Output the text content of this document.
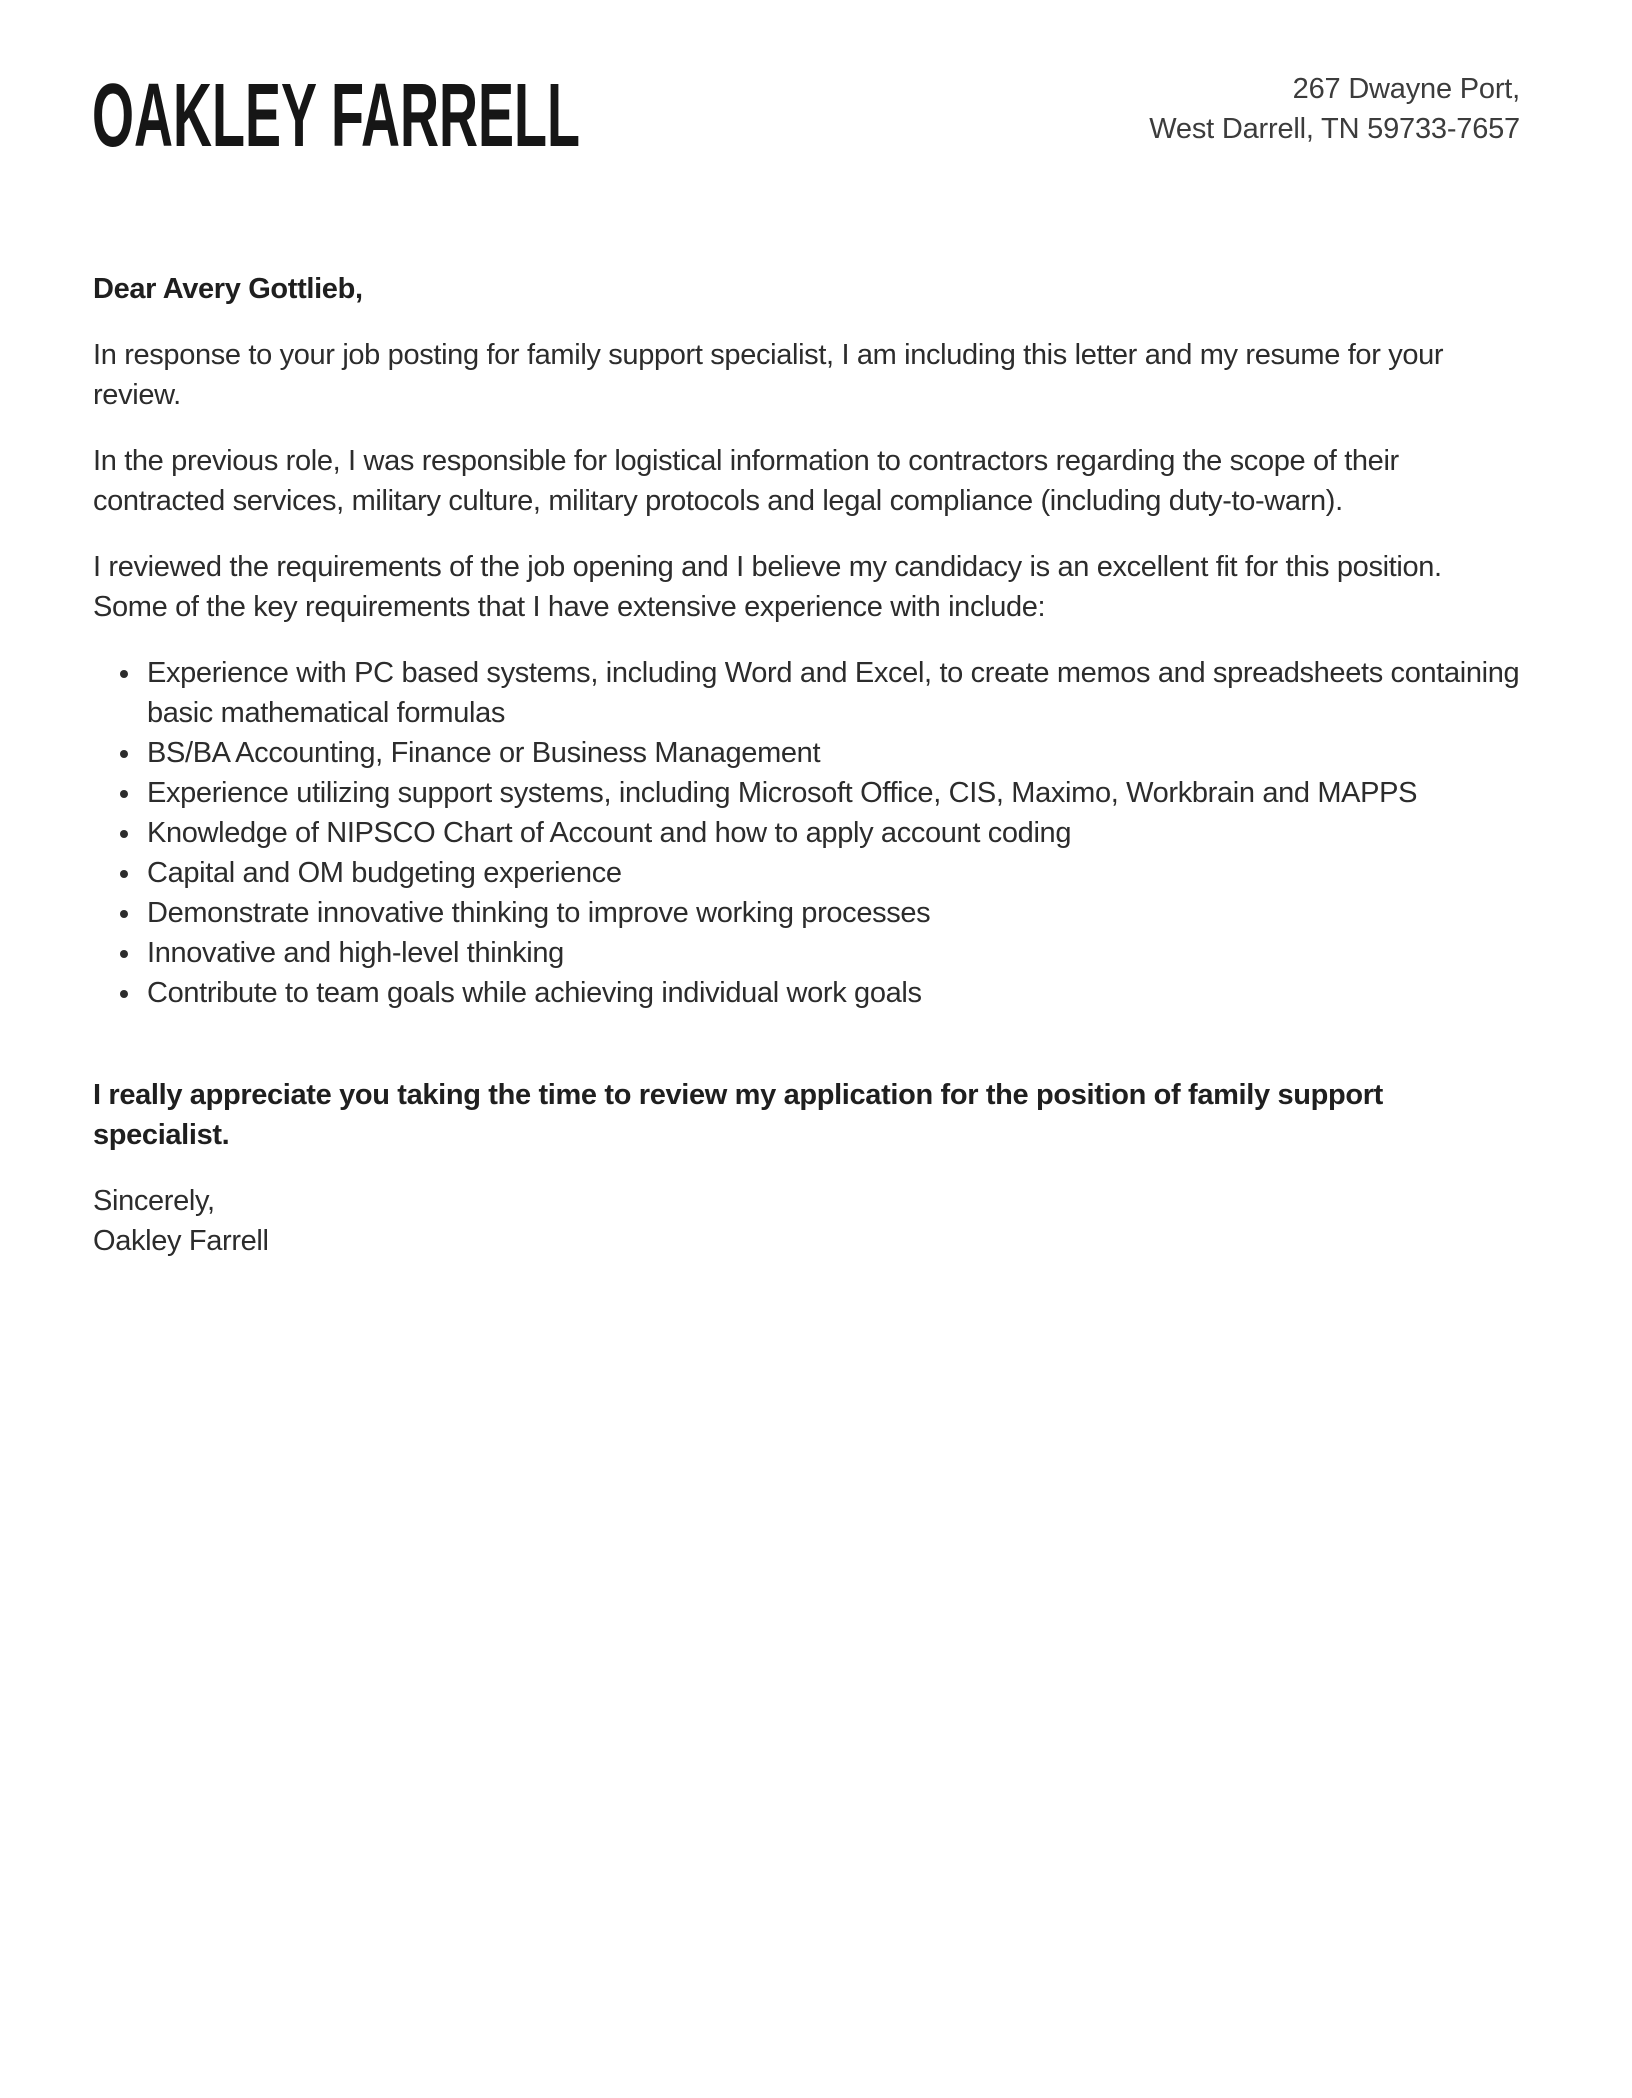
OAKLEY FARRELL	267 Dwayne Port,
West Darrell, TN 59733-7657

Dear Avery Gottlieb,

In response to your job posting for family support specialist, I am including this letter and my resume for your review.

In the previous role, I was responsible for logistical information to contractors regarding the scope of their contracted services, military culture, military protocols and legal compliance (including duty-to-warn).

I reviewed the requirements of the job opening and I believe my candidacy is an excellent fit for this position. Some of the key requirements that I have extensive experience with include:

• Experience with PC based systems, including Word and Excel, to create memos and spreadsheets containing basic mathematical formulas
• BS/BA Accounting, Finance or Business Management
• Experience utilizing support systems, including Microsoft Office, CIS, Maximo, Workbrain and MAPPS
• Knowledge of NIPSCO Chart of Account and how to apply account coding
• Capital and OM budgeting experience
• Demonstrate innovative thinking to improve working processes
• Innovative and high-level thinking
• Contribute to team goals while achieving individual work goals

I really appreciate you taking the time to review my application for the position of family support specialist.

Sincerely,
Oakley Farrell
